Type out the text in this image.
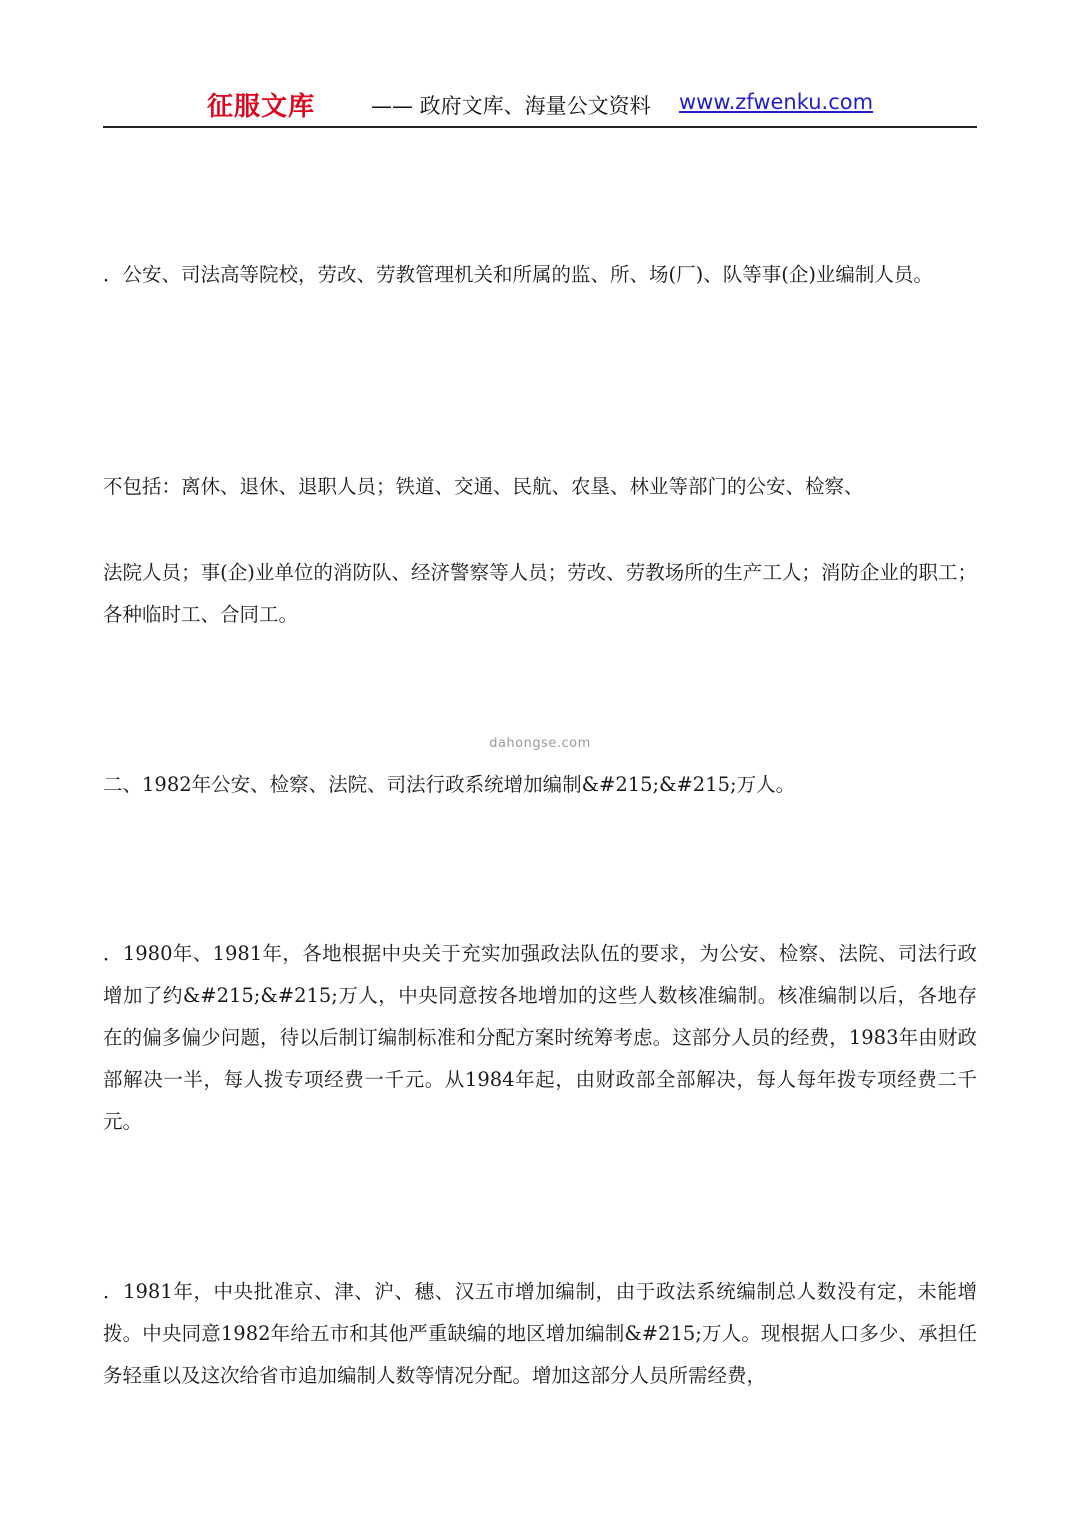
征服文库	—— 政府文库、海量公文资料 www.zfwenku.com

．公安、司法高等院校，劳改、劳教管理机关和所属的监、所、场(厂)、队等事(企)业编制人员。

不包括：离休、退休、退职人员；铁道、交通、民航、农垦、林业等部门的公安、检察、

法院人员；事(企)业单位的消防队、经济警察等人员；劳改、劳教场所的生产工人；消防企业的职工；各种临时工、合同工。

dahongse.com

二、1982年公安、检察、法院、司法行政系统增加编制&#215;&#215;万人。

．1980年、1981年，各地根据中央关于充实加强政法队伍的要求，为公安、检察、法院、司法行政增加了约&#215;&#215;万人，中央同意按各地增加的这些人数核准编制。核准编制以后，各地存在的偏多偏少问题，待以后制订编制标准和分配方案时统筹考虑。这部分人员的经费，1983年由财政部解决一半，每人拨专项经费一千元。从1984年起，由财政部全部解决，每人每年拨专项经费二千元。

．1981年，中央批准京、津、沪、穗、汉五市增加编制，由于政法系统编制总人数没有定，未能增拨。中央同意1982年给五市和其他严重缺编的地区增加编制&#215;万人。现根据人口多少、承担任务轻重以及这次给省市追加编制人数等情况分配。增加这部分人员所需经费，
